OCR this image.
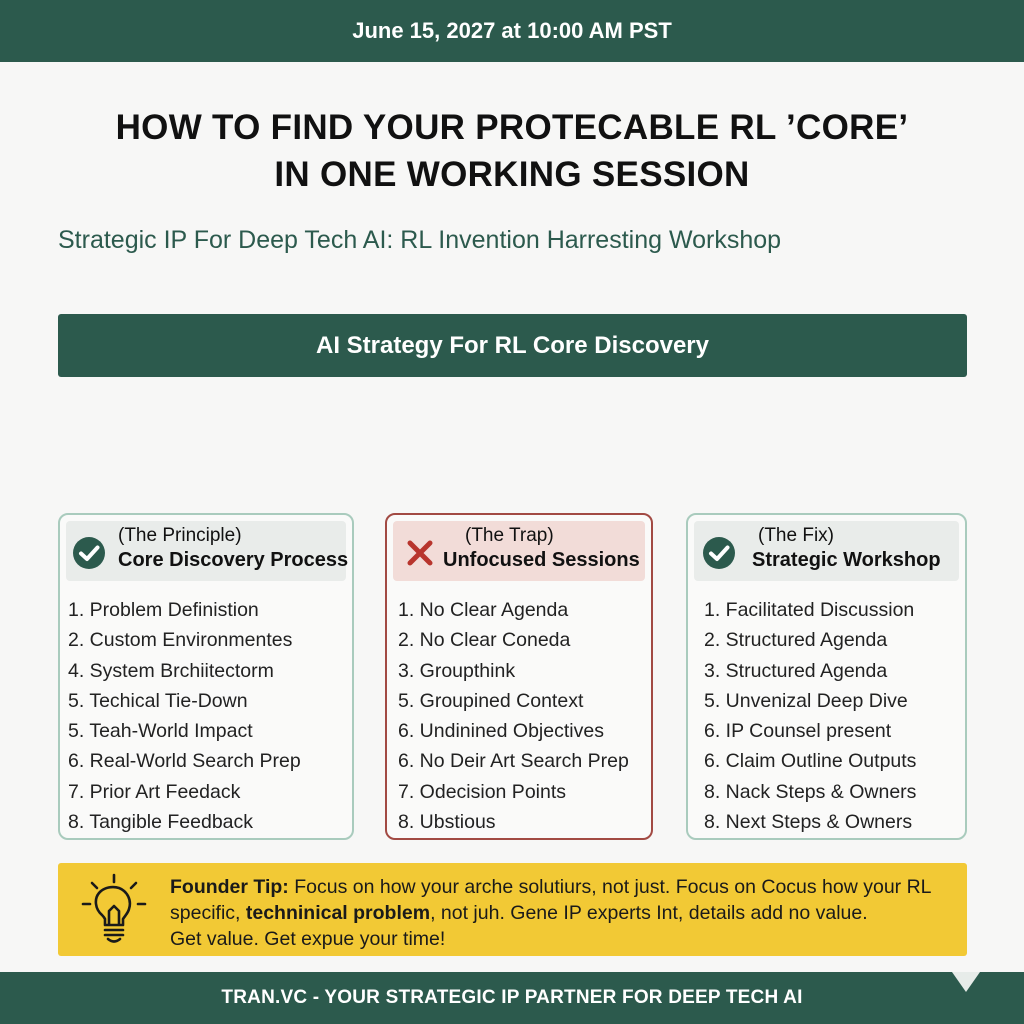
June 15, 2027 at 10:00 AM PST
HOW TO FIND YOUR PROTECABLE RL ’CORE’
IN ONE WORKING SESSION
Strategic IP For Deep Tech AI: RL Invention Harresting Workshop
AI Strategy For RL Core Discovery
(The Principle)
Core Discovery Process
1. Problem Definistion
2. Custom Environmentes
4. System Brchiitectorm
5. Techical Tie-Down
5. Teah-World Impact
6. Real-World Search Prep
7. Prior Art Feedack
8. Tangible Feedback
(The Trap)
Unfocused Sessions
1. No Clear Agenda
2. No Clear Coneda
3. Groupthink
5. Groupined Context
6. Undinined Objectives
6. No Deir Art Search Prep
7. Odecision Points
8. Ubstious
(The Fix)
Strategic Workshop
1. Facilitated Discussion
2. Structured Agenda
3. Structured Agenda
5. Unvenizal Deep Dive
6. IP Counsel present
6. Claim Outline Outputs
8. Nack Steps & Owners
8. Next Steps & Owners
Founder Tip: Focus on how your arche solutiurs, not just. Focus on Cocus how your RL
specific, techninical problem, not juh. Gene IP experts Int, details add no value.
Get value. Get expue your time!
TRAN.VC - YOUR STRATEGIC IP PARTNER FOR DEEP TECH AI
